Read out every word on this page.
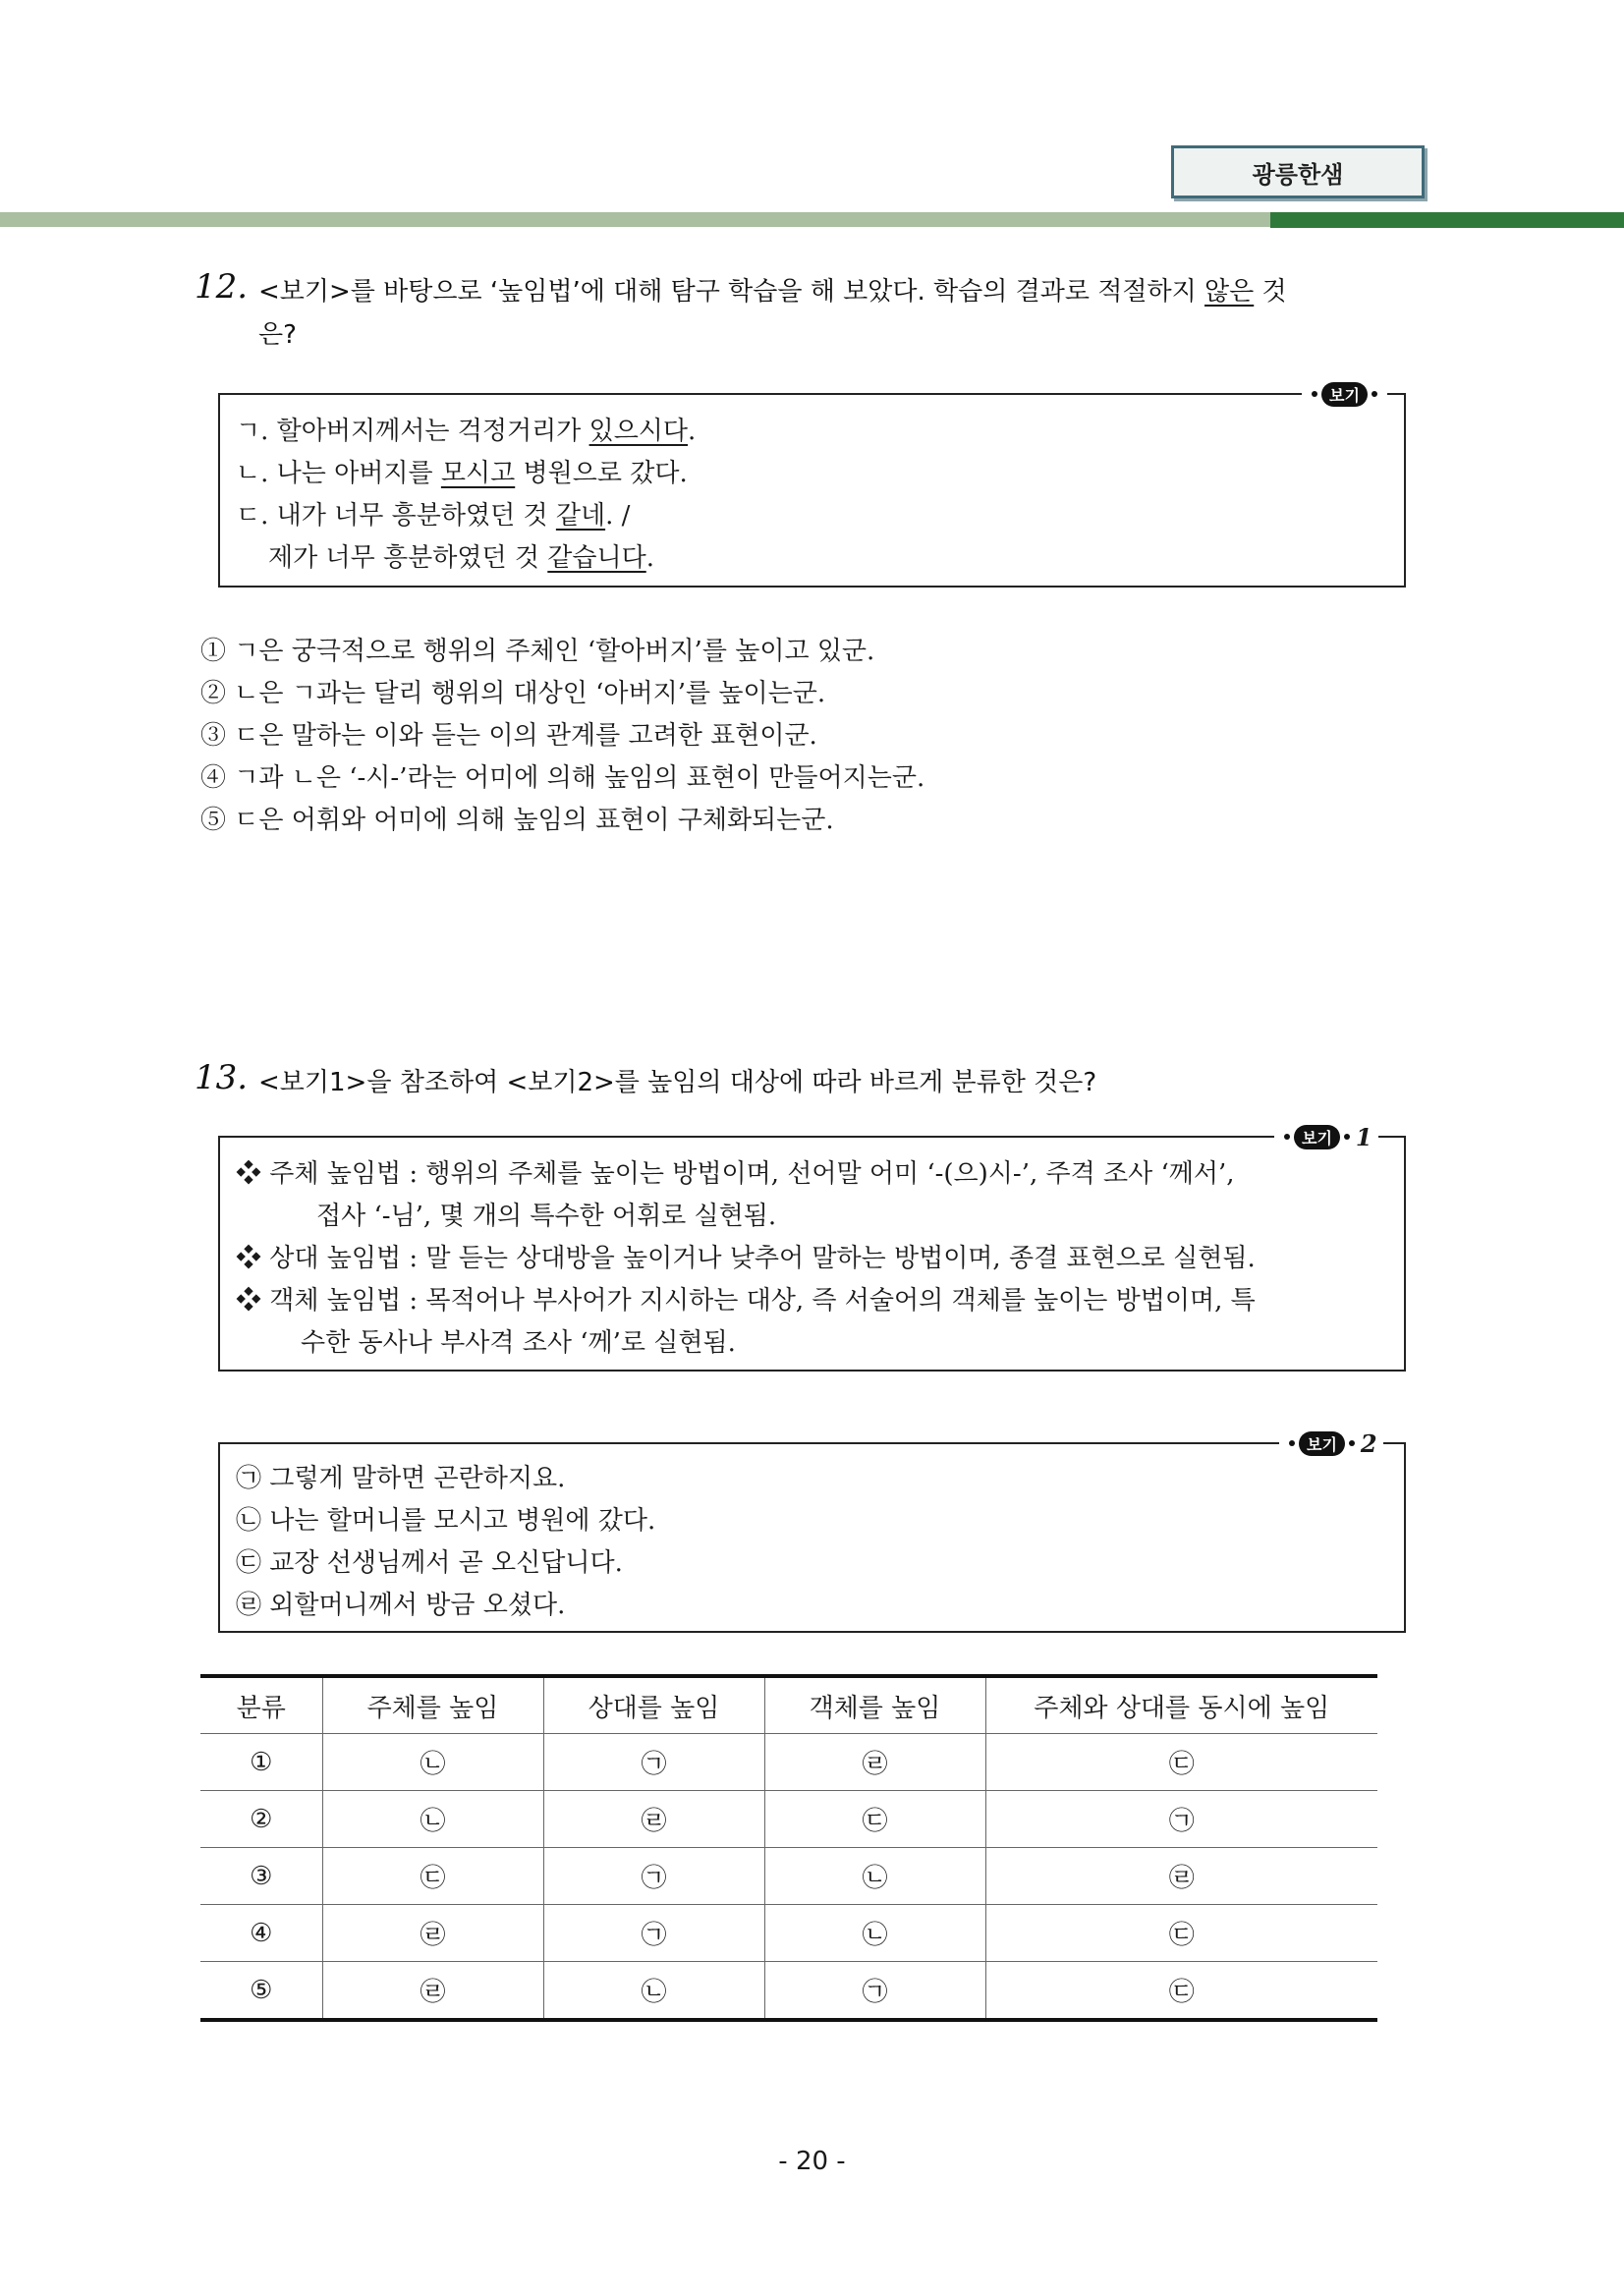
광릉한샘
12. <보기>를 바탕으로 ‘높임법’에 대해 탐구 학습을 해 보았다. 학습의 결과로 적절하지 않은 것
은?
보기
ㄱ. 할아버지께서는 걱정거리가 있으시다.
ㄴ. 나는 아버지를 모시고 병원으로 갔다.
ㄷ. 내가 너무 흥분하였던 것 같네. /
제가 너무 흥분하였던 것 같습니다.
① ㄱ은 궁극적으로 행위의 주체인 ‘할아버지’를 높이고 있군.
② ㄴ은 ㄱ과는 달리 행위의 대상인 ‘아버지’를 높이는군.
③ ㄷ은 말하는 이와 듣는 이의 관계를 고려한 표현이군.
④ ㄱ과 ㄴ은 ‘-시-’라는 어미에 의해 높임의 표현이 만들어지는군.
⑤ ㄷ은 어휘와 어미에 의해 높임의 표현이 구체화되는군.
13. <보기1>을 참조하여 <보기2>를 높임의 대상에 따라 바르게 분류한 것은?
보기	1
❖ 주체 높임법 : 행위의 주체를 높이는 방법이며, 선어말 어미 ‘-(으)시-’, 주격 조사 ‘께서’,
접사 ‘-님’, 몇 개의 특수한 어휘로 실현됨.
❖ 상대 높임법 : 말 듣는 상대방을 높이거나 낮추어 말하는 방법이며, 종결 표현으로 실현됨.
❖ 객체 높임법 : 목적어나 부사어가 지시하는 대상, 즉 서술어의 객체를 높이는 방법이며, 특
수한 동사나 부사격 조사 ‘께’로 실현됨.
보기	2
㉠ 그렇게 말하면 곤란하지요.
㉡ 나는 할머니를 모시고 병원에 갔다.
㉢ 교장 선생님께서 곧 오신답니다.
㉣ 외할머니께서 방금 오셨다.
분류	주체를 높임	상대를 높임	객체를 높임	주체와 상대를 동시에 높임
①	㉡	㉠	㉣	㉢
②	㉡	㉣	㉢	㉠
③	㉢	㉠	㉡	㉣
④	㉣	㉠	㉡	㉢
⑤	㉣	㉡	㉠	㉢
- 20 -
